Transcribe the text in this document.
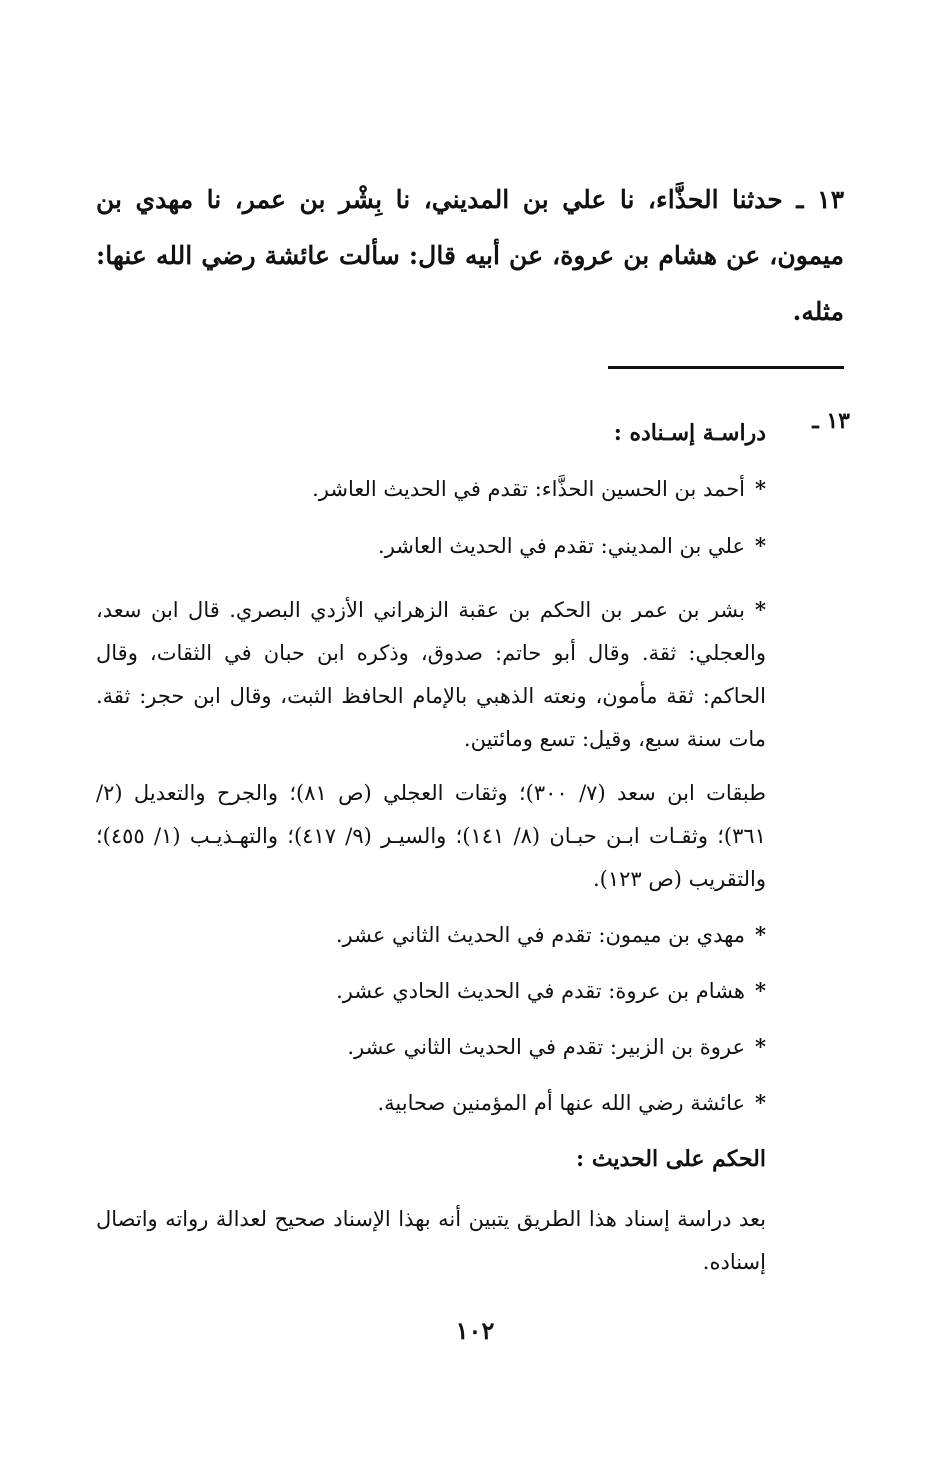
١٣ ـ حدثنا الحذَّاء، نا علي بن المديني، نا بِشْر بن عمر، نا مهدي بن ميمون، عن هشام بن عروة، عن أبيه قال: سألت عائشة رضي الله عنها: مثله.

١٣ ـ

دراسـة إسـناده :

*أحمد بن الحسين الحذَّاء: تقدم في الحديث العاشر.

*علي بن المديني: تقدم في الحديث العاشر.

*بشر بن عمر بن الحكم بن عقبة الزهراني الأزدي البصري. قال ابن سعد، والعجلي: ثقة. وقال أبو حاتم: صدوق، وذكره ابن حبان في الثقات، وقال الحاكم: ثقة مأمون، ونعته الذهبي بالإمام الحافظ الثبت، وقال ابن حجر: ثقة. مات سنة سبع، وقيل: تسع ومائتين.

طبقات ابن سعد (٧/ ٣٠٠)؛ وثقات العجلي (ص ٨١)؛ والجرح والتعديل (٢/ ٣٦١)؛ وثقـات ابـن حبـان (٨/ ١٤١)؛ والسيـر (٩/ ٤١٧)؛ والتهـذيـب (١/ ٤٥٥)؛ والتقريب (ص ١٢٣).

*مهدي بن ميمون: تقدم في الحديث الثاني عشر.

*هشام بن عروة: تقدم في الحديث الحادي عشر.

*عروة بن الزبير: تقدم في الحديث الثاني عشر.

*عائشة رضي الله عنها أم المؤمنين صحابية.

الحكم على الحديث :

بعد دراسة إسناد هذا الطريق يتبين أنه بهذا الإسناد صحيح لعدالة رواته واتصال إسناده.

١٠٢
